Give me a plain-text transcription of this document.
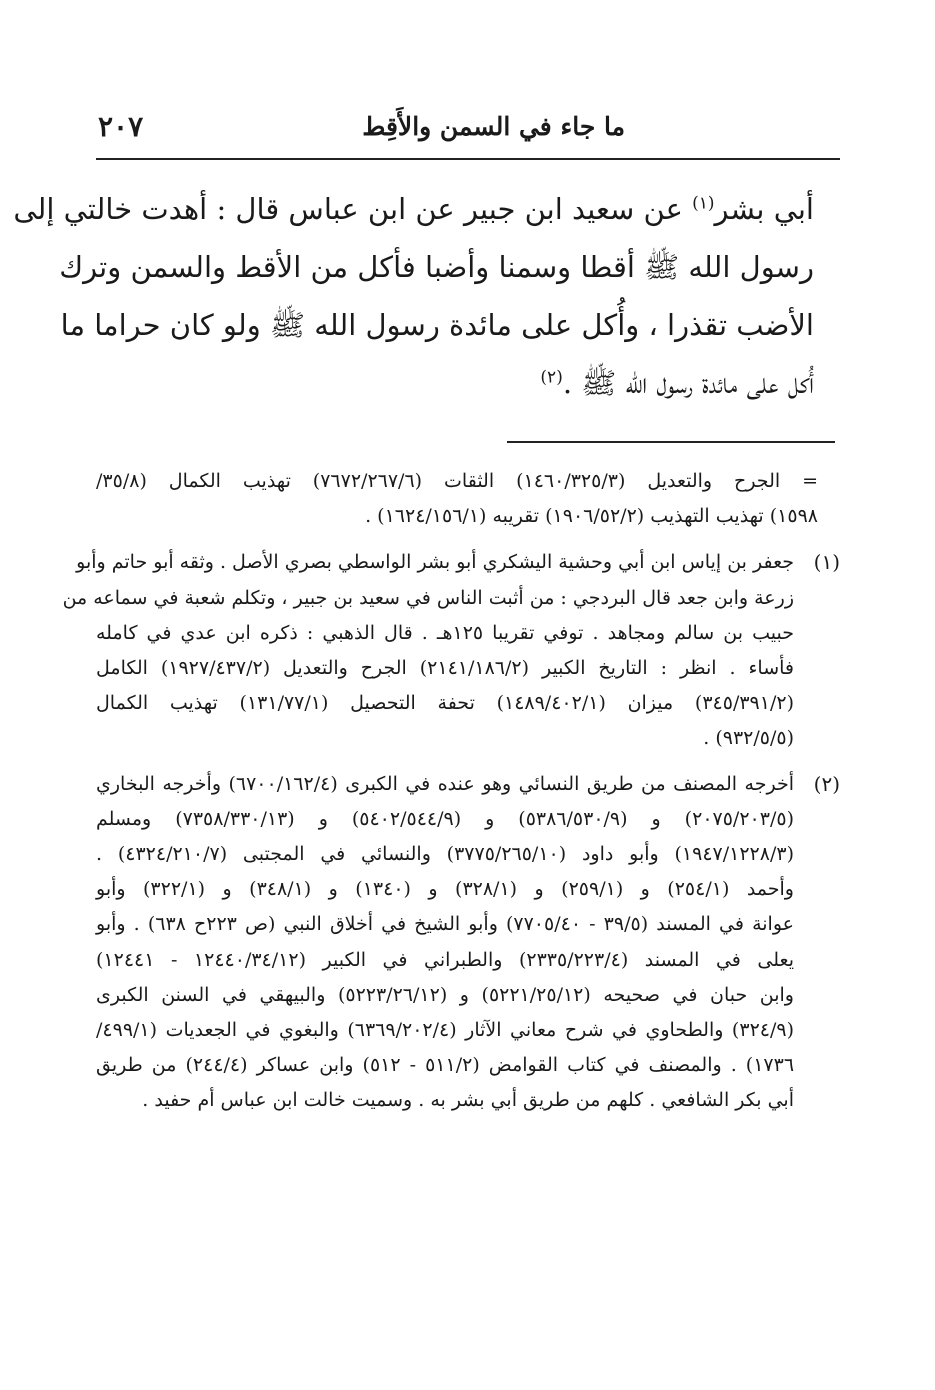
ما جاء في السمن والأَقِط
٢٠٧
أبي بشر$^{(١)}$ عن سعيد ابن جبير عن ابن عباس قال : أهدت خالتي إلى
رسول الله ﷺ أقطا وسمنا وأضبا فأكل من الأقط والسمن وترك
الأضب تقذرا ، وأُكل على مائدة رسول الله ﷺ ولو كان حراما ما
أُكل على مائدة رسول الله ﷺ .$^{(٢)}$
= الجرح والتعديل (١٤٦٠/٣٢٥/٣) الثقات (٧٦٧٢/٢٦٧/٦) تهذيب الكمال (٣٥/٨/
١٥٩٨) تهذيب التهذيب (١٩٠٦/٥٢/٢) تقريبه (١٦٢٤/١٥٦/١) .
(١)
جعفر بن إياس ابن أبي وحشية اليشكري أبو بشر الواسطي بصري الأصل . وثقه أبو حاتم وأبو
زرعة وابن جعد قال البردجي : من أثبت الناس في سعيد بن جبير ، وتكلم شعبة في سماعه من
حبيب بن سالم ومجاهد . توفي تقريبا ١٢٥هـ . قال الذهبي : ذكره ابن عدي في كامله
فأساء . انظر : التاريخ الكبير (٢١٤١/١٨٦/٢) الجرح والتعديل (١٩٢٧/٤٣٧/٢) الكامل
(٣٤٥/٣٩١/٢) ميزان (١٤٨٩/٤٠٢/١) تحفة التحصيل (١٣١/٧٧/١) تهذيب الكمال
(٩٣٢/٥/٥) .
(٢)
أخرجه المصنف من طريق النسائي وهو عنده في الكبرى (٦٧٠٠/١٦٢/٤) وأخرجه البخاري
(٢٠٧٥/٢٠٣/٥) و (٥٣٨٦/٥٣٠/٩) و (٥٤٠٢/٥٤٤/٩) و (٧٣٥٨/٣٣٠/١٣) ومسلم
(١٩٤٧/١٢٢٨/٣) وأبو داود (٣٧٧٥/٢٦٥/١٠) والنسائي في المجتبى (٤٣٢٤/٢١٠/٧) .
وأحمد (٢٥٤/١) و (٢٥٩/١) و (٣٢٨/١) و (١٣٤٠) و (٣٤٨/١) و (٣٢٢/١) وأبو
عوانة في المسند (٣٩/٥ - ٧٧٠٥/٤٠) وأبو الشيخ في أخلاق النبي (ص ٢٢٣ح ٦٣٨) . وأبو
يعلى في المسند (٢٣٣٥/٢٢٣/٤) والطبراني في الكبير (١٢٤٤٠/٣٤/١٢ - ١٢٤٤١)
وابن حبان في صحيحه (٥٢٢١/٢٥/١٢) و (٥٢٢٣/٢٦/١٢) والبيهقي في السنن الكبرى
(٣٢٤/٩) والطحاوي في شرح معاني الآثار (٦٣٦٩/٢٠٢/٤) والبغوي في الجعديات (٤٩٩/١/
١٧٣٦) . والمصنف في كتاب القوامض (٥١١/٢ - ٥١٢) وابن عساكر (٢٤٤/٤) من طريق
أبي بكر الشافعي . كلهم من طريق أبي بشر به . وسميت خالت ابن عباس أم حفيد .
